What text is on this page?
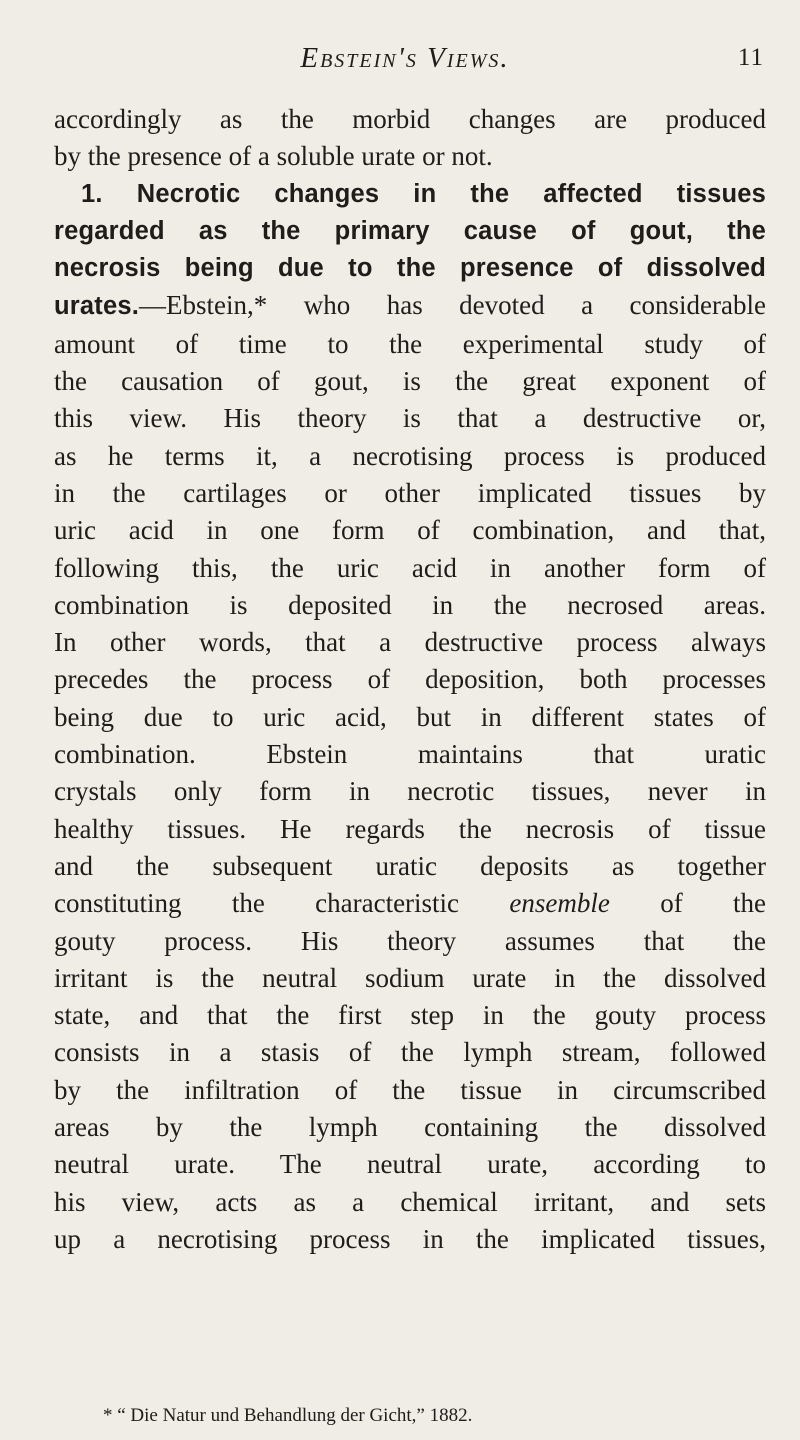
Ebstein's Views.	11
accordingly as the morbid changes are produced
by the presence of a soluble urate or not.
1. Necrotic changes in the affected tissues
regarded as the primary cause of gout, the
necrosis being due to the presence of dissolved
urates.—Ebstein,* who has devoted a considerable
amount of time to the experimental study of
the causation of gout, is the great exponent of
this view. His theory is that a destructive or,
as he terms it, a necrotising process is produced
in the cartilages or other implicated tissues by
uric acid in one form of combination, and that,
following this, the uric acid in another form of
combination is deposited in the necrosed areas.
In other words, that a destructive process always
precedes the process of deposition, both processes
being due to uric acid, but in different states of
combination. Ebstein maintains that uratic
crystals only form in necrotic tissues, never in
healthy tissues. He regards the necrosis of tissue
and the subsequent uratic deposits as together
constituting the characteristic ensemble of the
gouty process. His theory assumes that the
irritant is the neutral sodium urate in the dissolved
state, and that the first step in the gouty process
consists in a stasis of the lymph stream, followed
by the infiltration of the tissue in circumscribed
areas by the lymph containing the dissolved
neutral urate. The neutral urate, according to
his view, acts as a chemical irritant, and sets
up a necrotising process in the implicated tissues,
* “ Die Natur und Behandlung der Gicht,” 1882.
